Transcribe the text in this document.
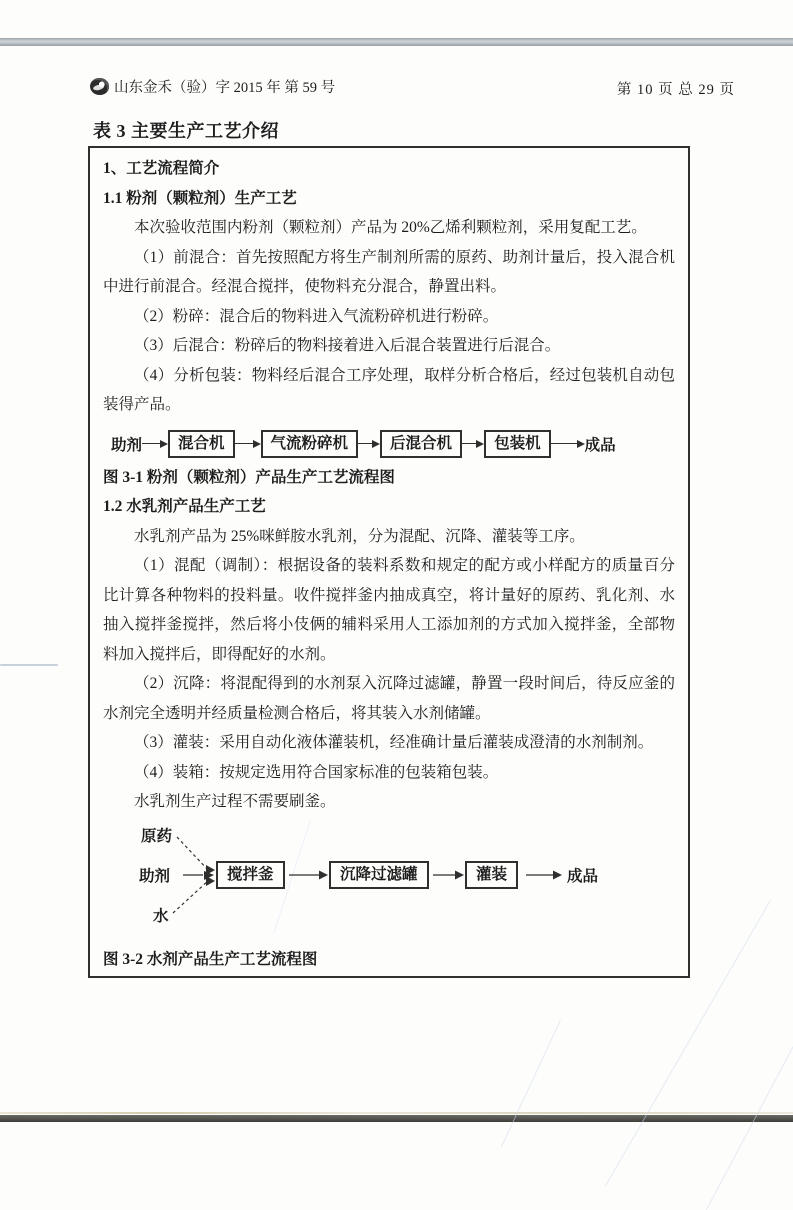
山东金禾（验）字 2015 年 第 59 号	第 10 页 总 29 页
表 3 主要生产工艺介绍

1、工艺流程简介

1.1 粉剂（颗粒剂）生产工艺

本次验收范围内粉剂（颗粒剂）产品为 20%乙烯利颗粒剂，采用复配工艺。

（1）前混合：首先按照配方将生产制剂所需的原药、助剂计量后，投入混合机中进行前混合。经混合搅拌，使物料充分混合，静置出料。

（2）粉碎：混合后的物料进入气流粉碎机进行粉碎。

（3）后混合：粉碎后的物料接着进入后混合装置进行后混合。

（4）分析包装：物料经后混合工序处理，取样分析合格后，经过包装机自动包装得产品。

助剂	混合机	气流粉碎机	后混合机	包装机	成品

图 3-1 粉剂（颗粒剂）产品生产工艺流程图

1.2 水乳剂产品生产工艺

水乳剂产品为 25%咪鲜胺水乳剂，分为混配、沉降、灌装等工序。

（1）混配（调制）：根据设备的装料系数和规定的配方或小样配方的质量百分比计算各种物料的投料量。收件搅拌釜内抽成真空，将计量好的原药、乳化剂、水抽入搅拌釜搅拌，然后将小伎俩的辅料采用人工添加剂的方式加入搅拌釜，全部物料加入搅拌后，即得配好的水剂。

（2）沉降：将混配得到的水剂泵入沉降过滤罐，静置一段时间后，待反应釜的水剂完全透明并经质量检测合格后，将其装入水剂储罐。

（3）灌装：采用自动化液体灌装机，经准确计量后灌装成澄清的水剂制剂。

（4）装箱：按规定选用符合国家标准的包装箱包装。

水乳剂生产过程不需要刷釜。

原药
助剂
水
搅拌釜	沉降过滤罐	灌装	成品

图 3-2 水剂产品生产工艺流程图
